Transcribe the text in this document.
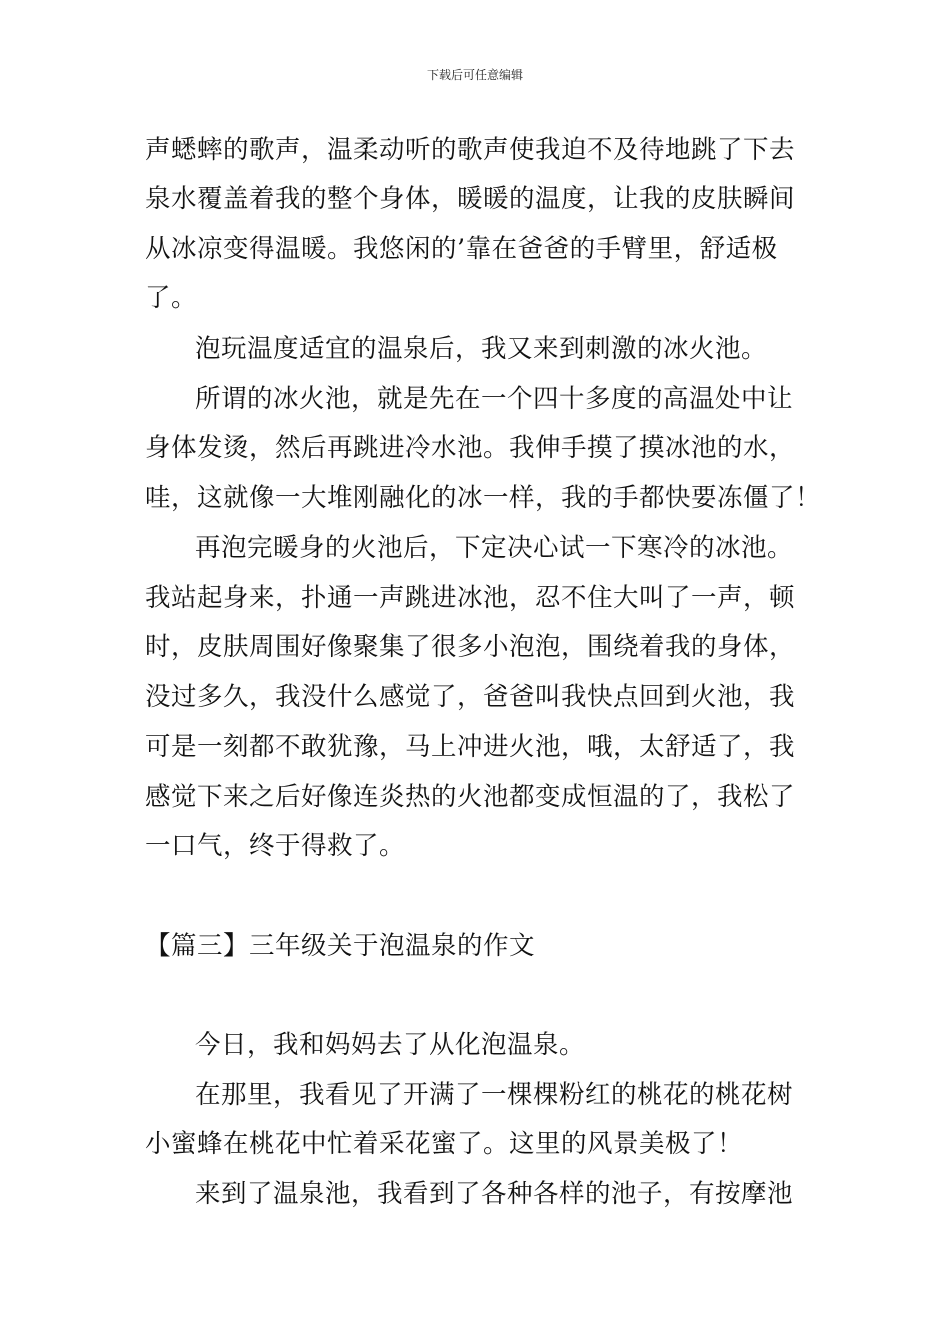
下载后可任意编辑
声蟋蟀的歌声，温柔动听的歌声使我迫不及待地跳了下去
泉水覆盖着我的整个身体，暖暖的温度，让我的皮肤瞬间
从冰凉变得温暖。我悠闲的’靠在爸爸的手臂里，舒适极
了。
泡玩温度适宜的温泉后，我又来到刺激的冰火池。
所谓的冰火池，就是先在一个四十多度的高温处中让
身体发烫，然后再跳进冷水池。我伸手摸了摸冰池的水，
哇，这就像一大堆刚融化的冰一样，我的手都快要冻僵了！
再泡完暖身的火池后，下定决心试一下寒冷的冰池。
我站起身来，扑通一声跳进冰池，忍不住大叫了一声，顿
时，皮肤周围好像聚集了很多小泡泡，围绕着我的身体，
没过多久，我没什么感觉了，爸爸叫我快点回到火池，我
可是一刻都不敢犹豫，马上冲进火池，哦，太舒适了，我
感觉下来之后好像连炎热的火池都变成恒温的了，我松了
一口气，终于得救了。
【篇三】三年级关于泡温泉的作文
今日，我和妈妈去了从化泡温泉。
在那里，我看见了开满了一棵棵粉红的桃花的桃花树
小蜜蜂在桃花中忙着采花蜜了。这里的风景美极了！
来到了温泉池，我看到了各种各样的池子，有按摩池
